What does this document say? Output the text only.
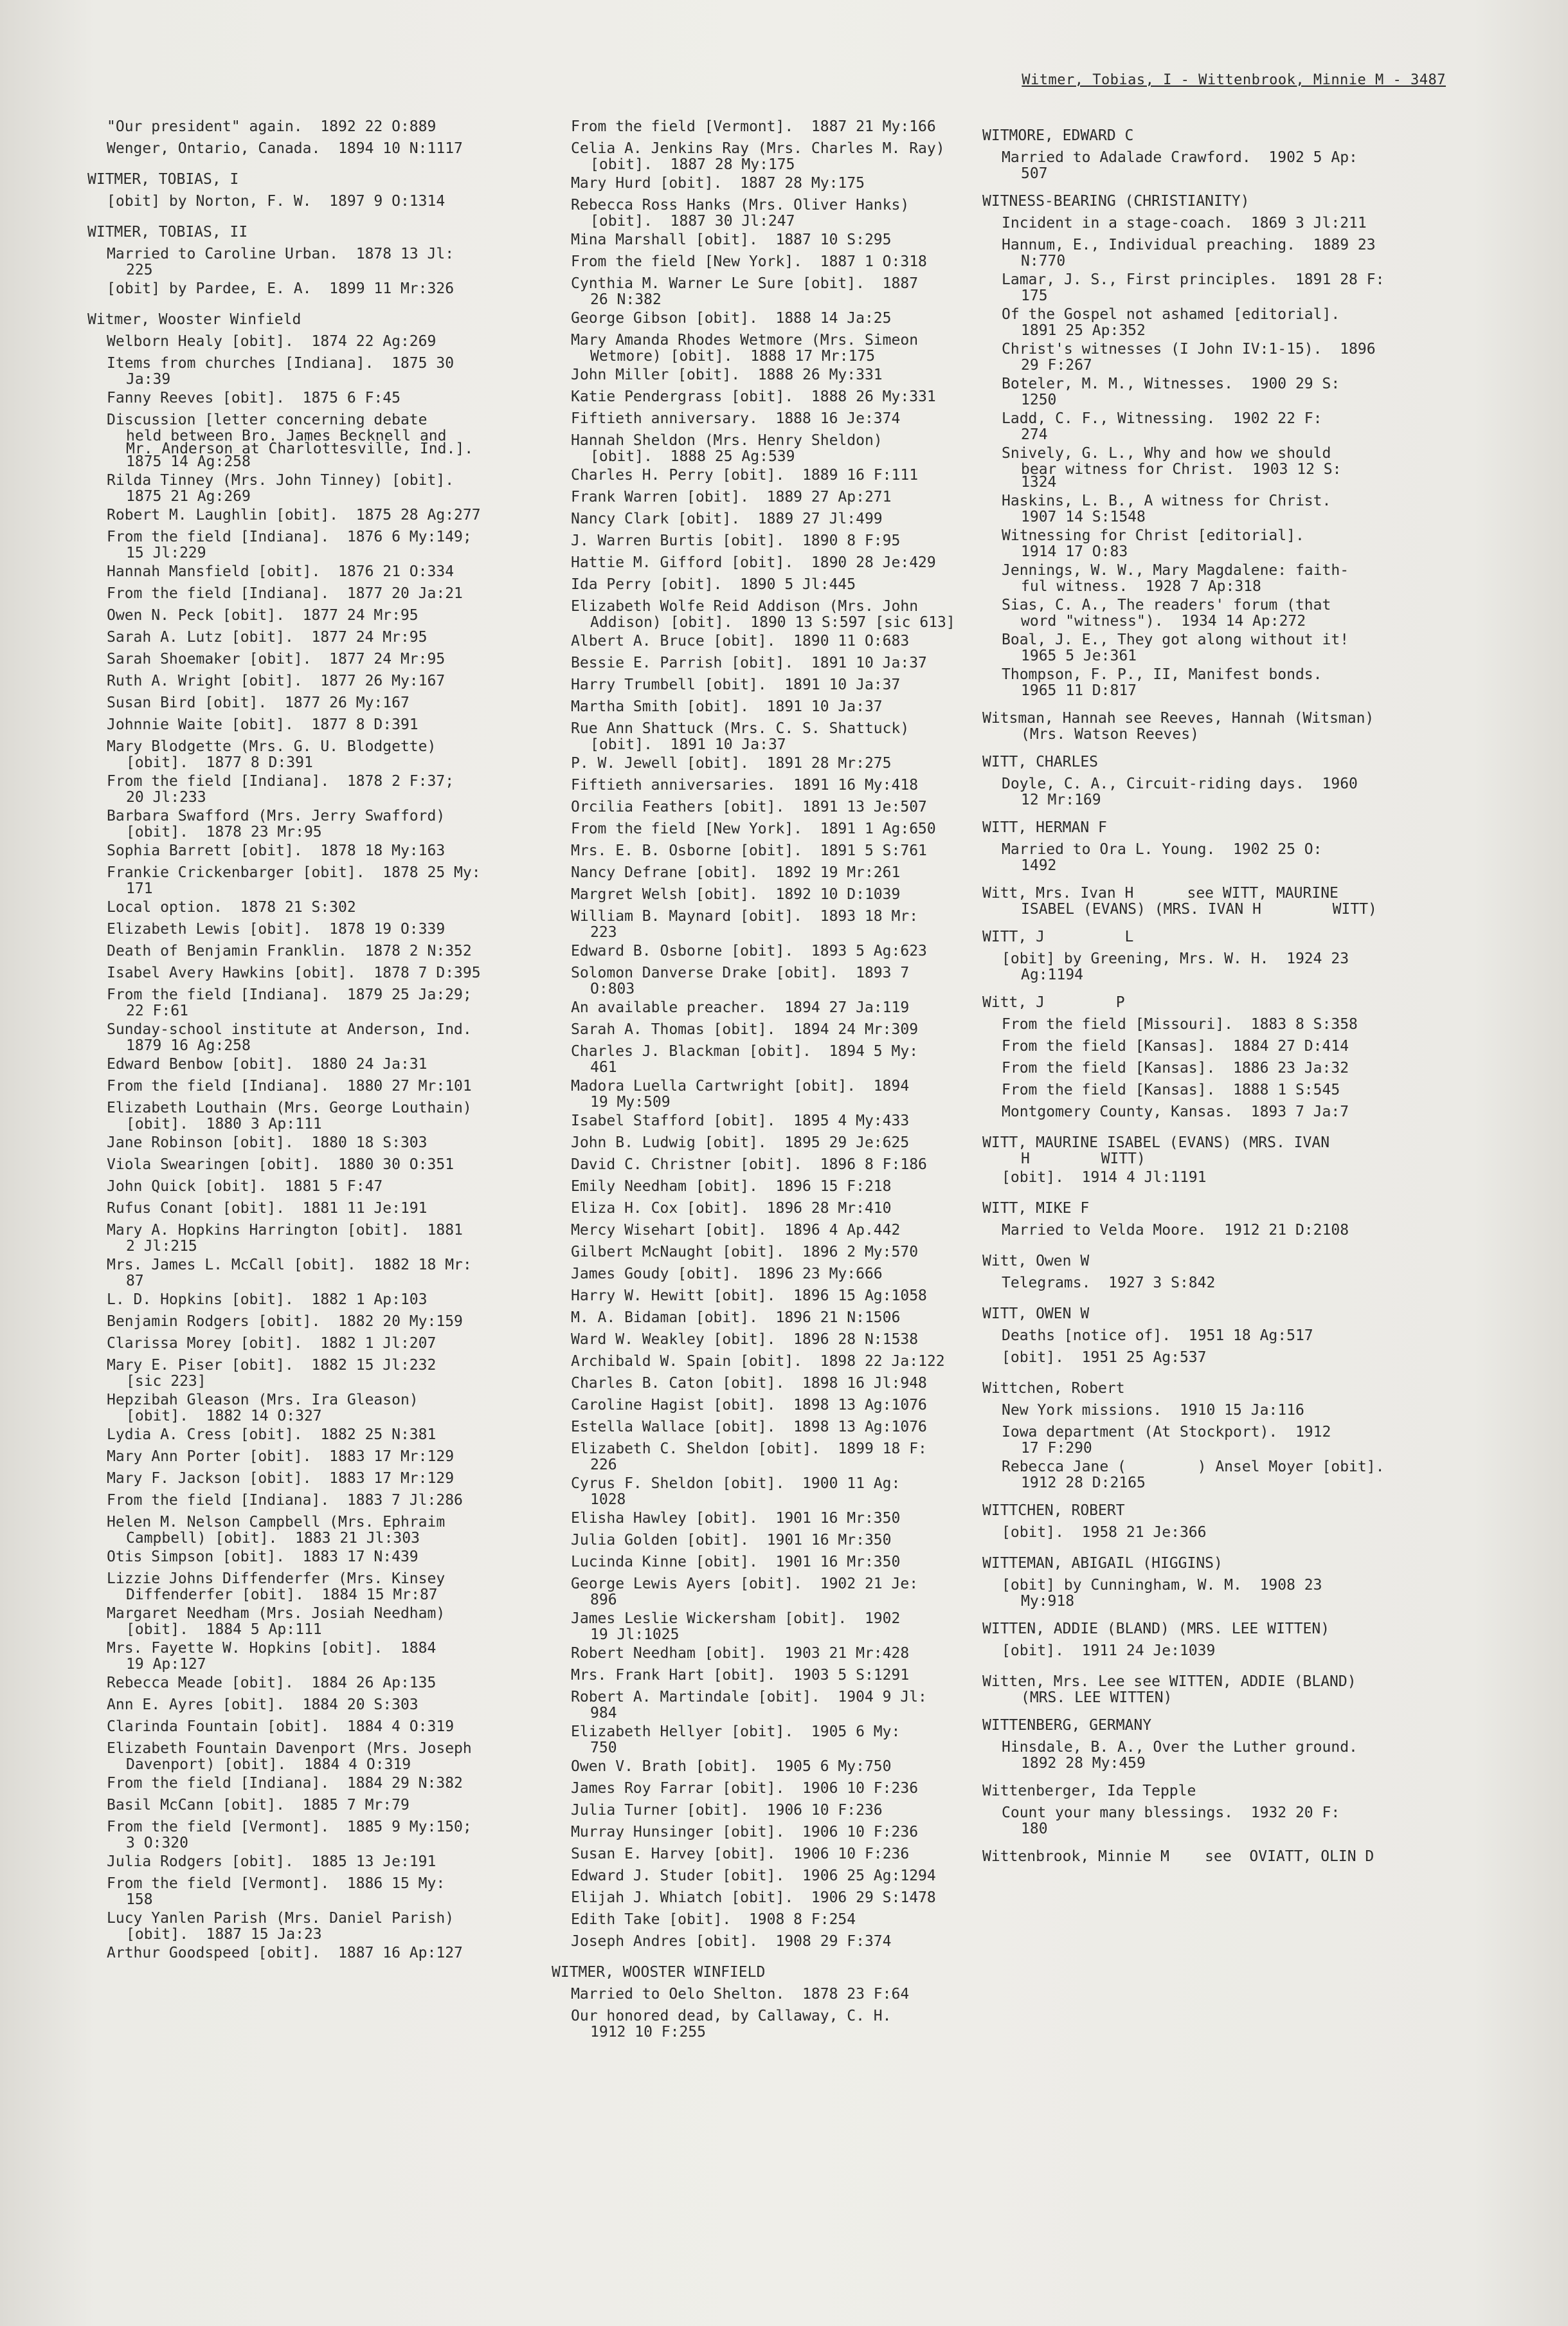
Witmer, Tobias, I - Wittenbrook, Minnie M - 3487
"Our president" again.  1892 22 O:889
Wenger, Ontario, Canada.  1894 10 N:1117
WITMER, TOBIAS, I
[obit] by Norton, F. W.  1897 9 O:1314
WITMER, TOBIAS, II
Married to Caroline Urban.  1878 13 Jl:
225
[obit] by Pardee, E. A.  1899 11 Mr:326
Witmer, Wooster Winfield
Welborn Healy [obit].  1874 22 Ag:269
Items from churches [Indiana].  1875 30
Ja:39
Fanny Reeves [obit].  1875 6 F:45
Discussion [letter concerning debate
held between Bro. James Becknell and
Mr. Anderson at Charlottesville, Ind.].
1875 14 Ag:258
Rilda Tinney (Mrs. John Tinney) [obit].
1875 21 Ag:269
Robert M. Laughlin [obit].  1875 28 Ag:277
From the field [Indiana].  1876 6 My:149;
15 Jl:229
Hannah Mansfield [obit].  1876 21 O:334
From the field [Indiana].  1877 20 Ja:21
Owen N. Peck [obit].  1877 24 Mr:95
Sarah A. Lutz [obit].  1877 24 Mr:95
Sarah Shoemaker [obit].  1877 24 Mr:95
Ruth A. Wright [obit].  1877 26 My:167
Susan Bird [obit].  1877 26 My:167
Johnnie Waite [obit].  1877 8 D:391
Mary Blodgette (Mrs. G. U. Blodgette)
[obit].  1877 8 D:391
From the field [Indiana].  1878 2 F:37;
20 Jl:233
Barbara Swafford (Mrs. Jerry Swafford)
[obit].  1878 23 Mr:95
Sophia Barrett [obit].  1878 18 My:163
Frankie Crickenbarger [obit].  1878 25 My:
171
Local option.  1878 21 S:302
Elizabeth Lewis [obit].  1878 19 O:339
Death of Benjamin Franklin.  1878 2 N:352
Isabel Avery Hawkins [obit].  1878 7 D:395
From the field [Indiana].  1879 25 Ja:29;
22 F:61
Sunday-school institute at Anderson, Ind.
1879 16 Ag:258
Edward Benbow [obit].  1880 24 Ja:31
From the field [Indiana].  1880 27 Mr:101
Elizabeth Louthain (Mrs. George Louthain)
[obit].  1880 3 Ap:111
Jane Robinson [obit].  1880 18 S:303
Viola Swearingen [obit].  1880 30 O:351
John Quick [obit].  1881 5 F:47
Rufus Conant [obit].  1881 11 Je:191
Mary A. Hopkins Harrington [obit].  1881
2 Jl:215
Mrs. James L. McCall [obit].  1882 18 Mr:
87
L. D. Hopkins [obit].  1882 1 Ap:103
Benjamin Rodgers [obit].  1882 20 My:159
Clarissa Morey [obit].  1882 1 Jl:207
Mary E. Piser [obit].  1882 15 Jl:232
[sic 223]
Hepzibah Gleason (Mrs. Ira Gleason)
[obit].  1882 14 O:327
Lydia A. Cress [obit].  1882 25 N:381
Mary Ann Porter [obit].  1883 17 Mr:129
Mary F. Jackson [obit].  1883 17 Mr:129
From the field [Indiana].  1883 7 Jl:286
Helen M. Nelson Campbell (Mrs. Ephraim
Campbell) [obit].  1883 21 Jl:303
Otis Simpson [obit].  1883 17 N:439
Lizzie Johns Diffenderfer (Mrs. Kinsey
Diffenderfer [obit].  1884 15 Mr:87
Margaret Needham (Mrs. Josiah Needham)
[obit].  1884 5 Ap:111
Mrs. Fayette W. Hopkins [obit].  1884
19 Ap:127
Rebecca Meade [obit].  1884 26 Ap:135
Ann E. Ayres [obit].  1884 20 S:303
Clarinda Fountain [obit].  1884 4 O:319
Elizabeth Fountain Davenport (Mrs. Joseph
Davenport) [obit].  1884 4 O:319
From the field [Indiana].  1884 29 N:382
Basil McCann [obit].  1885 7 Mr:79
From the field [Vermont].  1885 9 My:150;
3 O:320
Julia Rodgers [obit].  1885 13 Je:191
From the field [Vermont].  1886 15 My:
158
Lucy Yanlen Parish (Mrs. Daniel Parish)
[obit].  1887 15 Ja:23
Arthur Goodspeed [obit].  1887 16 Ap:127
From the field [Vermont].  1887 21 My:166
Celia A. Jenkins Ray (Mrs. Charles M. Ray)
[obit].  1887 28 My:175
Mary Hurd [obit].  1887 28 My:175
Rebecca Ross Hanks (Mrs. Oliver Hanks)
[obit].  1887 30 Jl:247
Mina Marshall [obit].  1887 10 S:295
From the field [New York].  1887 1 O:318
Cynthia M. Warner Le Sure [obit].  1887
26 N:382
George Gibson [obit].  1888 14 Ja:25
Mary Amanda Rhodes Wetmore (Mrs. Simeon
Wetmore) [obit].  1888 17 Mr:175
John Miller [obit].  1888 26 My:331
Katie Pendergrass [obit].  1888 26 My:331
Fiftieth anniversary.  1888 16 Je:374
Hannah Sheldon (Mrs. Henry Sheldon)
[obit].  1888 25 Ag:539
Charles H. Perry [obit].  1889 16 F:111
Frank Warren [obit].  1889 27 Ap:271
Nancy Clark [obit].  1889 27 Jl:499
J. Warren Burtis [obit].  1890 8 F:95
Hattie M. Gifford [obit].  1890 28 Je:429
Ida Perry [obit].  1890 5 Jl:445
Elizabeth Wolfe Reid Addison (Mrs. John
Addison) [obit].  1890 13 S:597 [sic 613]
Albert A. Bruce [obit].  1890 11 O:683
Bessie E. Parrish [obit].  1891 10 Ja:37
Harry Trumbell [obit].  1891 10 Ja:37
Martha Smith [obit].  1891 10 Ja:37
Rue Ann Shattuck (Mrs. C. S. Shattuck)
[obit].  1891 10 Ja:37
P. W. Jewell [obit].  1891 28 Mr:275
Fiftieth anniversaries.  1891 16 My:418
Orcilia Feathers [obit].  1891 13 Je:507
From the field [New York].  1891 1 Ag:650
Mrs. E. B. Osborne [obit].  1891 5 S:761
Nancy Defrane [obit].  1892 19 Mr:261
Margret Welsh [obit].  1892 10 D:1039
William B. Maynard [obit].  1893 18 Mr:
223
Edward B. Osborne [obit].  1893 5 Ag:623
Solomon Danverse Drake [obit].  1893 7
O:803
An available preacher.  1894 27 Ja:119
Sarah A. Thomas [obit].  1894 24 Mr:309
Charles J. Blackman [obit].  1894 5 My:
461
Madora Luella Cartwright [obit].  1894
19 My:509
Isabel Stafford [obit].  1895 4 My:433
John B. Ludwig [obit].  1895 29 Je:625
David C. Christner [obit].  1896 8 F:186
Emily Needham [obit].  1896 15 F:218
Eliza H. Cox [obit].  1896 28 Mr:410
Mercy Wisehart [obit].  1896 4 Ap.442
Gilbert McNaught [obit].  1896 2 My:570
James Goudy [obit].  1896 23 My:666
Harry W. Hewitt [obit].  1896 15 Ag:1058
M. A. Bidaman [obit].  1896 21 N:1506
Ward W. Weakley [obit].  1896 28 N:1538
Archibald W. Spain [obit].  1898 22 Ja:122
Charles B. Caton [obit].  1898 16 Jl:948
Caroline Hagist [obit].  1898 13 Ag:1076
Estella Wallace [obit].  1898 13 Ag:1076
Elizabeth C. Sheldon [obit].  1899 18 F:
226
Cyrus F. Sheldon [obit].  1900 11 Ag:
1028
Elisha Hawley [obit].  1901 16 Mr:350
Julia Golden [obit].  1901 16 Mr:350
Lucinda Kinne [obit].  1901 16 Mr:350
George Lewis Ayers [obit].  1902 21 Je:
896
James Leslie Wickersham [obit].  1902
19 Jl:1025
Robert Needham [obit].  1903 21 Mr:428
Mrs. Frank Hart [obit].  1903 5 S:1291
Robert A. Martindale [obit].  1904 9 Jl:
984
Elizabeth Hellyer [obit].  1905 6 My:
750
Owen V. Brath [obit].  1905 6 My:750
James Roy Farrar [obit].  1906 10 F:236
Julia Turner [obit].  1906 10 F:236
Murray Hunsinger [obit].  1906 10 F:236
Susan E. Harvey [obit].  1906 10 F:236
Edward J. Studer [obit].  1906 25 Ag:1294
Elijah J. Whiatch [obit].  1906 29 S:1478
Edith Take [obit].  1908 8 F:254
Joseph Andres [obit].  1908 29 F:374
WITMER, WOOSTER WINFIELD
Married to Oelo Shelton.  1878 23 F:64
Our honored dead, by Callaway, C. H.
1912 10 F:255
WITMORE, EDWARD C
Married to Adalade Crawford.  1902 5 Ap:
507
WITNESS-BEARING (CHRISTIANITY)
Incident in a stage-coach.  1869 3 Jl:211
Hannum, E., Individual preaching.  1889 23
N:770
Lamar, J. S., First principles.  1891 28 F:
175
Of the Gospel not ashamed [editorial].
1891 25 Ap:352
Christ's witnesses (I John IV:1-15).  1896
29 F:267
Boteler, M. M., Witnesses.  1900 29 S:
1250
Ladd, C. F., Witnessing.  1902 22 F:
274
Snively, G. L., Why and how we should
bear witness for Christ.  1903 12 S:
1324
Haskins, L. B., A witness for Christ.
1907 14 S:1548
Witnessing for Christ [editorial].
1914 17 O:83
Jennings, W. W., Mary Magdalene: faith-
ful witness.  1928 7 Ap:318
Sias, C. A., The readers' forum (that
word "witness").  1934 14 Ap:272
Boal, J. E., They got along without it!
1965 5 Je:361
Thompson, F. P., II, Manifest bonds.
1965 11 D:817
Witsman, Hannah see Reeves, Hannah (Witsman)
(Mrs. Watson Reeves)
WITT, CHARLES
Doyle, C. A., Circuit-riding days.  1960
12 Mr:169
WITT, HERMAN F
Married to Ora L. Young.  1902 25 O:
1492
Witt, Mrs. Ivan H      see WITT, MAURINE
ISABEL (EVANS) (MRS. IVAN H        WITT)
WITT, J         L
[obit] by Greening, Mrs. W. H.  1924 23
Ag:1194
Witt, J        P
From the field [Missouri].  1883 8 S:358
From the field [Kansas].  1884 27 D:414
From the field [Kansas].  1886 23 Ja:32
From the field [Kansas].  1888 1 S:545
Montgomery County, Kansas.  1893 7 Ja:7
WITT, MAURINE ISABEL (EVANS) (MRS. IVAN
H        WITT)
[obit].  1914 4 Jl:1191
WITT, MIKE F
Married to Velda Moore.  1912 21 D:2108
Witt, Owen W
Telegrams.  1927 3 S:842
WITT, OWEN W
Deaths [notice of].  1951 18 Ag:517
[obit].  1951 25 Ag:537
Wittchen, Robert
New York missions.  1910 15 Ja:116
Iowa department (At Stockport).  1912
17 F:290
Rebecca Jane (        ) Ansel Moyer [obit].
1912 28 D:2165
WITTCHEN, ROBERT
[obit].  1958 21 Je:366
WITTEMAN, ABIGAIL (HIGGINS)
[obit] by Cunningham, W. M.  1908 23
My:918
WITTEN, ADDIE (BLAND) (MRS. LEE WITTEN)
[obit].  1911 24 Je:1039
Witten, Mrs. Lee see WITTEN, ADDIE (BLAND)
(MRS. LEE WITTEN)
WITTENBERG, GERMANY
Hinsdale, B. A., Over the Luther ground.
1892 28 My:459
Wittenberger, Ida Tepple
Count your many blessings.  1932 20 F:
180
Wittenbrook, Minnie M    see  OVIATT, OLIN D
